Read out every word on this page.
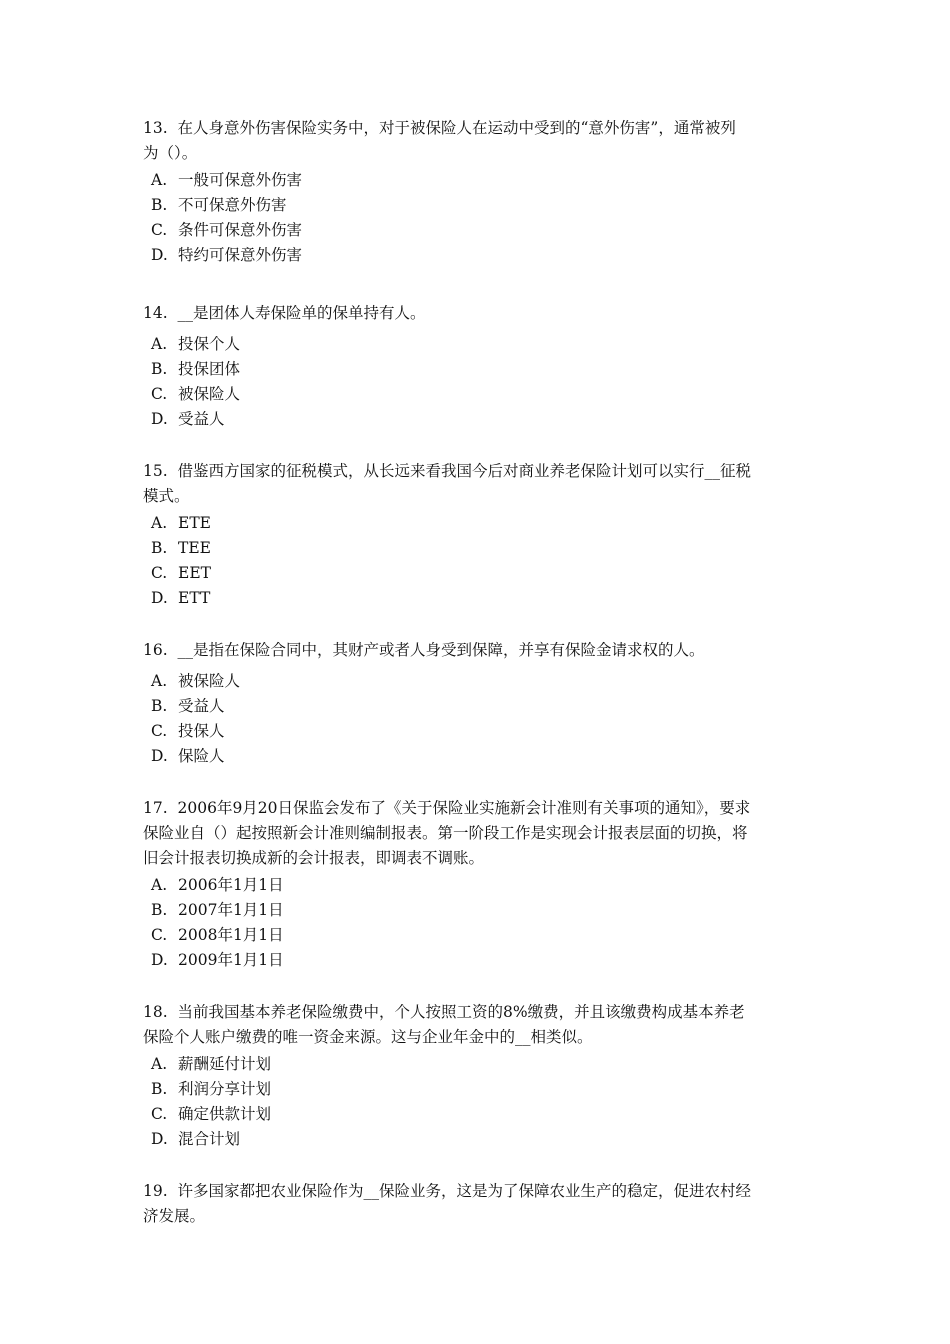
13.  在人身意外伤害保险实务中，对于被保险人在运动中受到的“意外伤害”，通常被列
为（）。
A. 一般可保意外伤害
B. 不可保意外伤害
C. 条件可保意外伤害
D. 特约可保意外伤害
14.  __是团体人寿保险单的保单持有人。
A. 投保个人
B. 投保团体
C. 被保险人
D. 受益人
15.  借鉴西方国家的征税模式，从长远来看我国今后对商业养老保险计划可以实行__征税
模式。
A. ETE
B. TEE
C. EET
D. ETT
16.  __是指在保险合同中，其财产或者人身受到保障，并享有保险金请求权的人。
A. 被保险人
B. 受益人
C. 投保人
D. 保险人
17.  2006年9月20日保监会发布了《关于保险业实施新会计准则有关事项的通知》，要求
保险业自（）起按照新会计准则编制报表。第一阶段工作是实现会计报表层面的切换，将
旧会计报表切换成新的会计报表，即调表不调账。
A. 2006年1月1日
B. 2007年1月1日
C. 2008年1月1日
D. 2009年1月1日
18.  当前我国基本养老保险缴费中，个人按照工资的8%缴费，并且该缴费构成基本养老
保险个人账户缴费的唯一资金来源。这与企业年金中的__相类似。
A. 薪酬延付计划
B. 利润分享计划
C. 确定供款计划
D. 混合计划
19.  许多国家都把农业保险作为__保险业务，这是为了保障农业生产的稳定，促进农村经
济发展。
